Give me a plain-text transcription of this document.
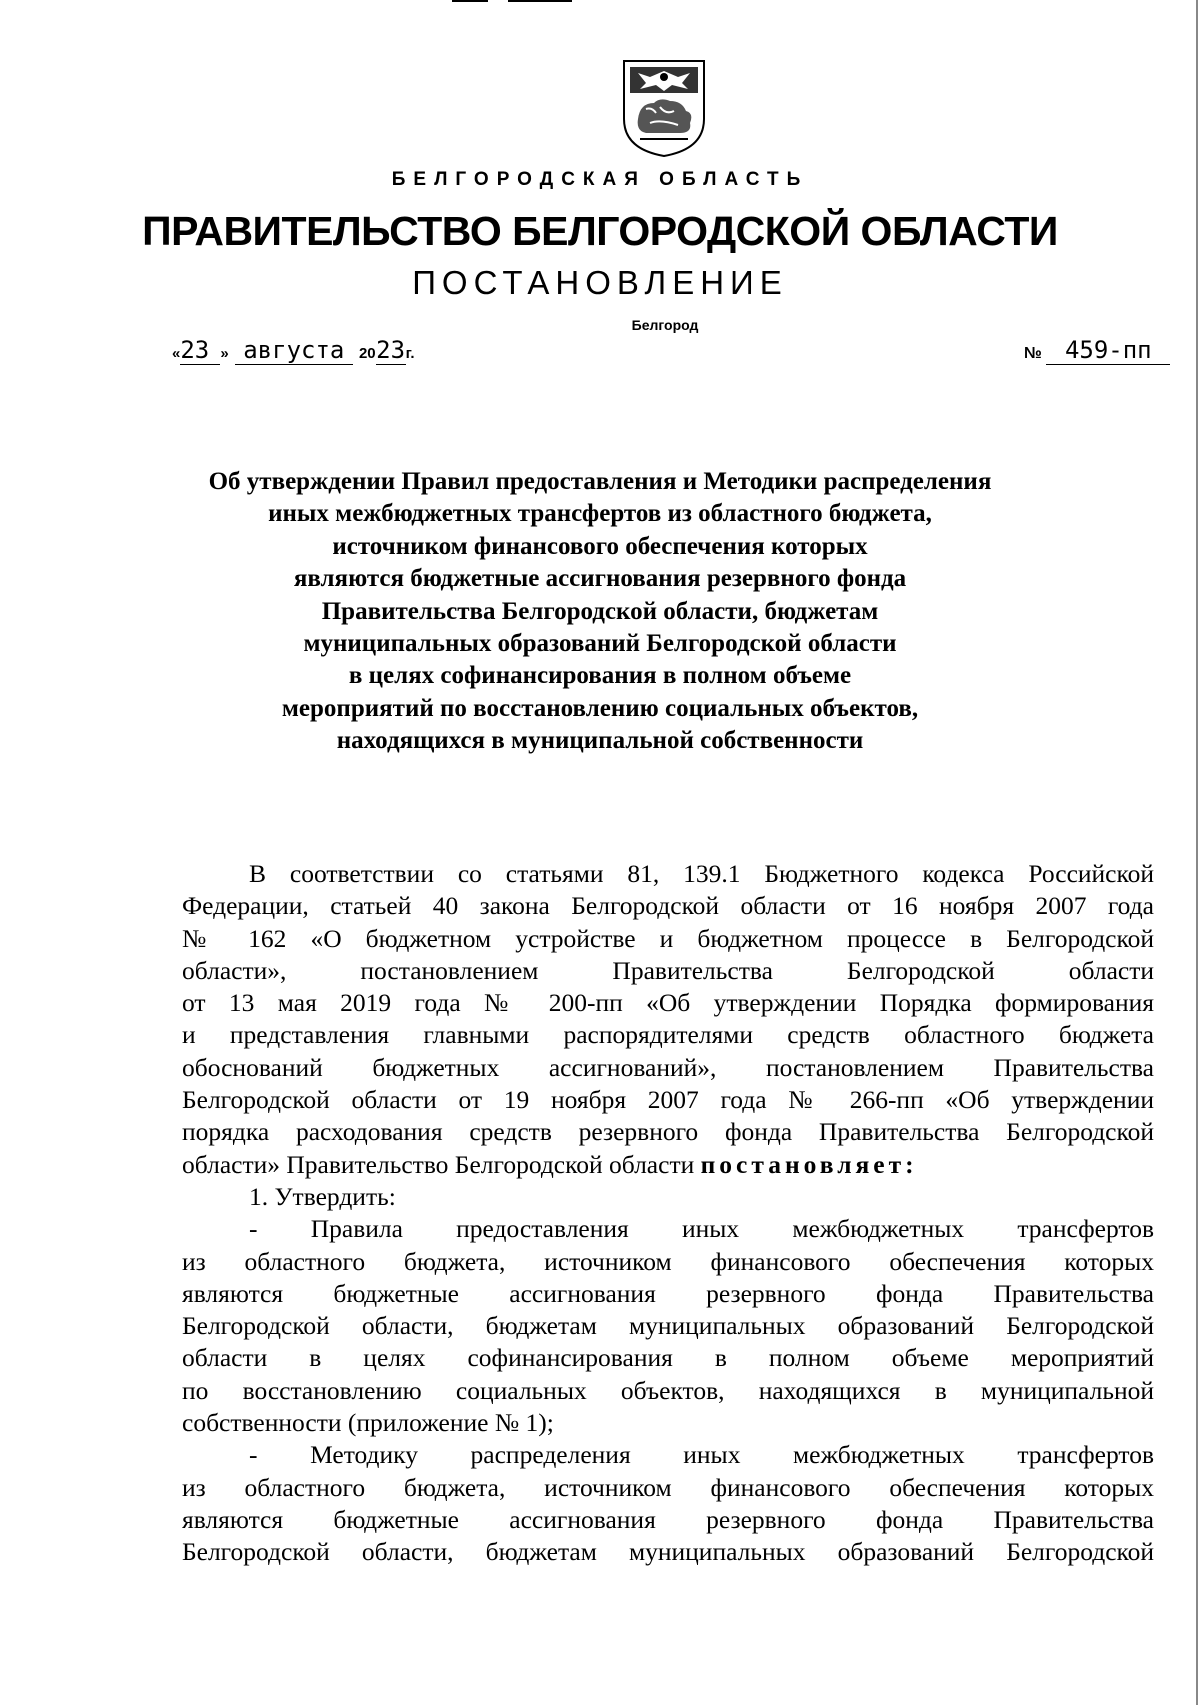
БЕЛГОРОДСКАЯ ОБЛАСТЬ
ПРАВИТЕЛЬСТВО БЕЛГОРОДСКОЙ ОБЛАСТИ
ПОСТАНОВЛЕНИЕ
Белгород
«23 » августа 2023г.	№ 459-пп
Об утверждении Правил предоставления и Методики распределения
иных межбюджетных трансфертов из областного бюджета,
источником финансового обеспечения которых
являются бюджетные ассигнования резервного фонда
Правительства Белгородской области, бюджетам
муниципальных образований Белгородской области
в целях софинансирования в полном объеме
мероприятий по восстановлению социальных объектов,
находящихся в муниципальной собственности
В соответствии со статьями 81, 139.1 Бюджетного кодекса Российской
Федерации, статьей 40 закона Белгородской области от 16 ноября 2007 года
№ 162 «О бюджетном устройстве и бюджетном процессе в Белгородской
области», постановлением Правительства Белгородской области
от 13 мая 2019 года № 200-пп «Об утверждении Порядка формирования
и представления главными распорядителями средств областного бюджета
обоснований бюджетных ассигнований», постановлением Правительства
Белгородской области от 19 ноября 2007 года № 266-пп «Об утверждении
порядка расходования средств резервного фонда Правительства Белгородской
области» Правительство Белгородской области постановляет:
1. Утвердить:
- Правила предоставления иных межбюджетных трансфертов
из областного бюджета, источником финансового обеспечения которых
являются бюджетные ассигнования резервного фонда Правительства
Белгородской области, бюджетам муниципальных образований Белгородской
области в целях софинансирования в полном объеме мероприятий
по восстановлению социальных объектов, находящихся в муниципальной
собственности (приложение № 1);
- Методику распределения иных межбюджетных трансфертов
из областного бюджета, источником финансового обеспечения которых
являются бюджетные ассигнования резервного фонда Правительства
Белгородской области, бюджетам муниципальных образований Белгородской
